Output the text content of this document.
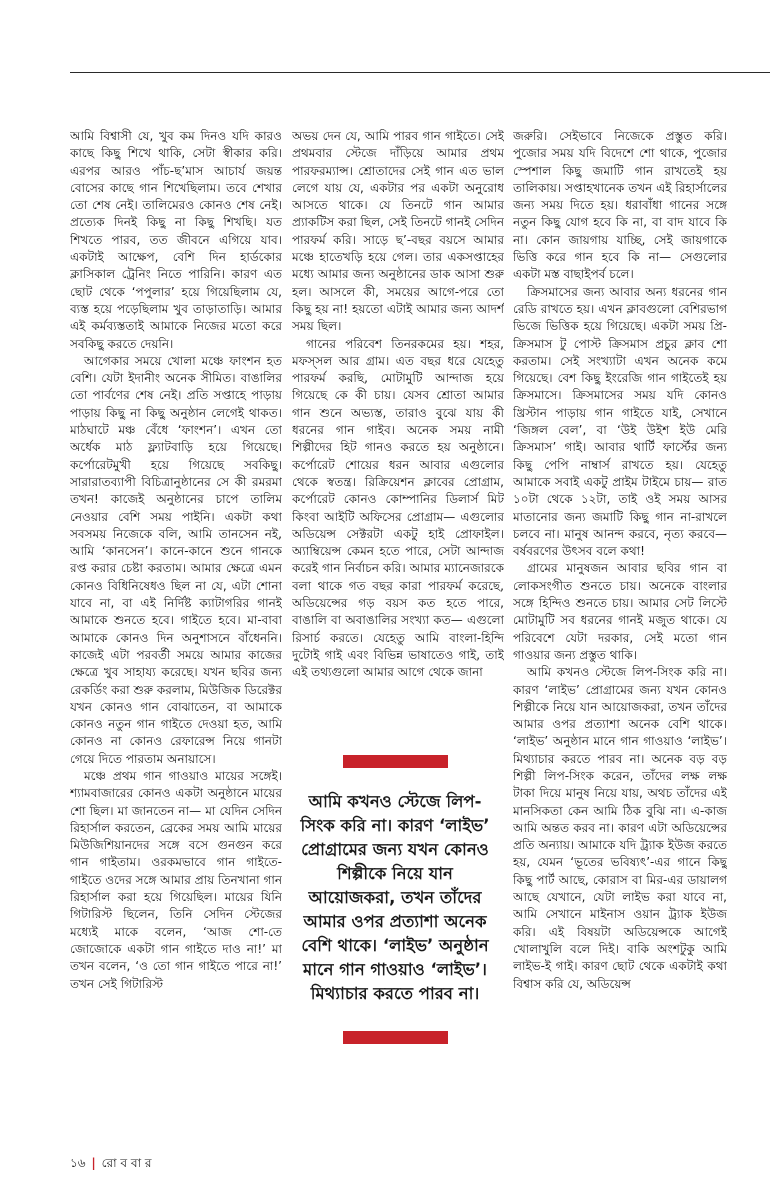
আমি বিশ্বাসী যে, খুব কম দিনও যদি কারও কাছে কিছু শিখে থাকি, সেটা স্বীকার করি। এরপর আরও পাঁচ-ছ’মাস আচার্য জয়ন্ত বোসের কাছে গান শিখেছিলাম। তবে শেখার তো শেষ নেই। তালিমেরও কোনও শেষ নেই। প্রত্যেক দিনই কিছু না কিছু শিখছি। যত শিখতে পারব, তত জীবনে এগিয়ে যাব। একটাই আক্ষেপ, বেশি দিন হার্ডকোর ক্লাসিকাল ট্রেনিং নিতে পারিনি। কারণ এত ছোট থেকে ‘পপুলার’ হয়ে গিয়েছিলাম যে, ব্যস্ত হয়ে পড়েছিলাম খুব তাড়াতাড়ি। আমার এই কর্মব্যস্ততাই আমাকে নিজের মতো করে সবকিছু করতে দেয়নি।

আগেকার সময়ে খোলা মঞ্চে ফাংশন হত বেশি। যেটা ইদানীং অনেক সীমিত। বাঙালির তো পার্বণের শেষ নেই। প্রতি সপ্তাহে পাড়ায় পাড়ায় কিছু না কিছু অনুষ্ঠান লেগেই থাকত। মাঠঘাটে মঞ্চ বেঁধে ‘ফাংশন’। এখন তো অর্ধেক মাঠ ফ্ল্যাটবাড়ি হয়ে গিয়েছে। কর্পোরেটমুখী হয়ে গিয়েছে সবকিছু। সারারাতব্যাপী বিচিত্রানুষ্ঠানের সে কী রমরমা তখন! কাজেই অনুষ্ঠানের চাপে তালিম নেওয়ার বেশি সময় পাইনি। একটা কথা সবসময় নিজেকে বলি, আমি তানসেন নই, আমি ‘কানসেন’। কানে-কানে শুনে গানকে রপ্ত করার চেষ্টা করতাম। আমার ক্ষেত্রে এমন কোনও বিধিনিষেধও ছিল না যে, এটা শোনা যাবে না, বা এই নির্দিষ্ট ক্যাটাগরির গানই আমাকে শুনতে হবে। গাইতে হবে। মা-বাবা আমাকে কোনও দিন অনুশাসনে বাঁধেননি। কাজেই এটা পরবর্তী সময়ে আমার কাজের ক্ষেত্রে খুব সাহায্য করেছে। যখন ছবির জন্য রেকর্ডিং করা শুরু করলাম, মিউজিক ডিরেক্টর যখন কোনও গান বোঝাতেন, বা আমাকে কোনও নতুন গান গাইতে দেওয়া হত, আমি কোনও না কোনও রেফারেন্স নিয়ে গানটা গেয়ে দিতে পারতাম অনায়াসে।

মঞ্চে প্রথম গান গাওয়াও মায়ের সঙ্গেই। শ্যামবাজারের কোনও একটা অনুষ্ঠানে মায়ের শো ছিল। মা জানতেন না— মা যেদিন সেদিন রিহার্সাল করতেন, ব্রেকের সময় আমি মায়ের মিউজিশিয়ানদের সঙ্গে বসে গুনগুন করে গান গাইতাম। ওরকমভাবে গান গাইতে-গাইতে ওদের সঙ্গে আমার প্রায় তিনখানা গান রিহার্সাল করা হয়ে গিয়েছিল। মায়ের যিনি গিটারিস্ট ছিলেন, তিনি সেদিন স্টেজের মধ্যেই মাকে বলেন, ‘আজ শো-তে জোজোকে একটা গান গাইতে দাও না!’ মা তখন বলেন, ‘ও তো গান গাইতে পারে না!’ তখন সেই গিটারিস্ট

অভয় দেন যে, আমি পারব গান গাইতে। সেই প্রথমবার স্টেজে দাঁড়িয়ে আমার প্রথম পারফরম্যান্স। শ্রোতাদের সেই গান এত ভাল লেগে যায় যে, একটার পর একটা অনুরোধ আসতে থাকে। যে তিনটে গান আমার প্র্যাকটিস করা ছিল, সেই তিনটে গানই সেদিন পারফর্ম করি। সাড়ে ছ’-বছর বয়সে আমার মঞ্চে হাতেখড়ি হয়ে গেল। তার একসপ্তাহের মধ্যে আমার জন্য অনুষ্ঠানের ডাক আসা শুরু হল। আসলে কী, সময়ের আগে-পরে তো কিছু হয় না! হয়তো এটাই আমার জন্য আদর্শ সময় ছিল।

গানের পরিবেশ তিনরকমের হয়। শহর, মফস্‌সল আর গ্রাম। এত বছর ধরে যেহেতু পারফর্ম করছি, মোটামুটি আন্দাজ হয়ে গিয়েছে কে কী চায়। যেসব শ্রোতা আমার গান শুনে অভ্যস্ত, তারাও বুঝে যায় কী ধরনের গান গাইব। অনেক সময় নামী শিল্পীদের হিট গানও করতে হয় অনুষ্ঠানে। কর্পোরেট শোয়ের ধরন আবার এগুলোর থেকে স্বতন্ত্র। রিক্রিয়েশন ক্লাবের প্রোগ্রাম, কর্পোরেট কোনও কোম্পানির ডিলার্স মিট কিংবা আইটি অফিসের প্রোগ্রাম— এগুলোর অডিয়েন্স সেক্টরটা একটু হাই প্রোফাইল। অ্যাম্বিয়েন্স কেমন হতে পারে, সেটা আন্দাজ করেই গান নির্বাচন করি। আমার ম্যানেজারকে বলা থাকে গত বছর কারা পারফর্ম করেছে, অডিয়েন্সের গড় বয়স কত হতে পারে, বাঙালি বা অবাঙালির সংখ্যা কত— এগুলো রিসার্চ করতে। যেহেতু আমি বাংলা-হিন্দি দুটোই গাই এবং বিভিন্ন ভাষাতেও গাই, তাই এই তথ্যগুলো আমার আগে থেকে জানা

আমি কখনও স্টেজে লিপ-সিংক করি না। কারণ ‘লাইভ’ প্রোগ্রামের জন্য যখন কোনও শিল্পীকে নিয়ে যান আয়োজকরা, তখন তাঁদের আমার ওপর প্রত্যাশা অনেক বেশি থাকে। ‘লাইভ’ অনুষ্ঠান মানে গান গাওয়াও ‘লাইভ’। মিথ্যাচার করতে পারব না।

জরুরি। সেইভাবে নিজেকে প্রস্তুত করি। পুজোর সময় যদি বিদেশে শো থাকে, পুজোর স্পেশাল কিছু জমাটি গান রাখতেই হয় তালিকায়। সপ্তাহখানেক তখন এই রিহার্সালের জন্য সময় দিতে হয়। ধরাবাঁধা গানের সঙ্গে নতুন কিছু যোগ হবে কি না, বা বাদ যাবে কি না। কোন জায়গায় যাচ্ছি, সেই জায়গাকে ভিত্তি করে গান হবে কি না— সেগুলোর একটা মস্ত বাছাইপর্ব চলে।

ক্রিসমাসের জন্য আবার অন্য ধরনের গান রেডি রাখতে হয়। এখন ক্লাবগুলো বেশিরভাগ ভিজে ভিত্তিক হয়ে গিয়েছে। একটা সময় প্রি-ক্রিসমাস টু পোস্ট ক্রিসমাস প্রচুর ক্লাব শো করতাম। সেই সংখ্যাটা এখন অনেক কমে গিয়েছে। বেশ কিছু ইংরেজি গান গাইতেই হয় ক্রিসমাসে। ক্রিসমাসের সময় যদি কোনও খ্রিস্টান পাড়ায় গান গাইতে যাই, সেখানে ‘জিঙ্গল বেল’, বা ‘উই উইশ ইউ মেরি ক্রিসমাস’ গাই। আবার থার্টি ফার্স্টের জন্য কিছু পেপি নাম্বার্স রাখতে হয়। যেহেতু আমাকে সবাই একটু প্রাইম টাইমে চায়— রাত ১০টা থেকে ১২টা, তাই ওই সময় আসর মাতানোর জন্য জমাটি কিছু গান না-রাখলে চলবে না। মানুষ আনন্দ করবে, নৃত্য করবে— বর্ষবরণের উৎসব বলে কথা!

গ্রামের মানুষজন আবার ছবির গান বা লোকসংগীত শুনতে চায়। অনেকে বাংলার সঙ্গে হিন্দিও শুনতে চায়। আমার সেট লিস্টে মোটামুটি সব ধরনের গানই মজুত থাকে। যে পরিবেশে যেটা দরকার, সেই মতো গান গাওয়ার জন্য প্রস্তুত থাকি।

আমি কখনও স্টেজে লিপ-সিংক করি না। কারণ ‘লাইভ’ প্রোগ্রামের জন্য যখন কোনও শিল্পীকে নিয়ে যান আয়োজকরা, তখন তাঁদের আমার ওপর প্রত্যাশা অনেক বেশি থাকে। ‘লাইভ’ অনুষ্ঠান মানে গান গাওয়াও ‘লাইভ’। মিথ্যাচার করতে পারব না। অনেক বড় বড় শিল্পী লিপ-সিংক করেন, তাঁদের লক্ষ লক্ষ টাকা দিয়ে মানুষ নিয়ে যায়, অথচ তাঁদের এই মানসিকতা কেন আমি ঠিক বুঝি না। এ-কাজ আমি অন্তত করব না। কারণ এটা অডিয়েন্সের প্রতি অন্যায়। আমাকে যদি ট্র্যাক ইউজ করতে হয়, যেমন ‘ভূতের ভবিষ্যৎ’-এর গানে কিছু কিছু পার্ট আছে, কোরাস বা মির-এর ডায়ালগ আছে যেখানে, যেটা লাইভ করা যাবে না, আমি সেখানে মাইনাস ওয়ান ট্র্যাক ইউজ করি। এই বিষয়টা অডিয়েন্সকে আগেই খোলাখুলি বলে দিই। বাকি অংশটুকু আমি লাইভ-ই গাই। কারণ ছোট থেকে একটাই কথা বিশ্বাস করি যে, অডিয়েন্স

১৬ | রো ব বা র
